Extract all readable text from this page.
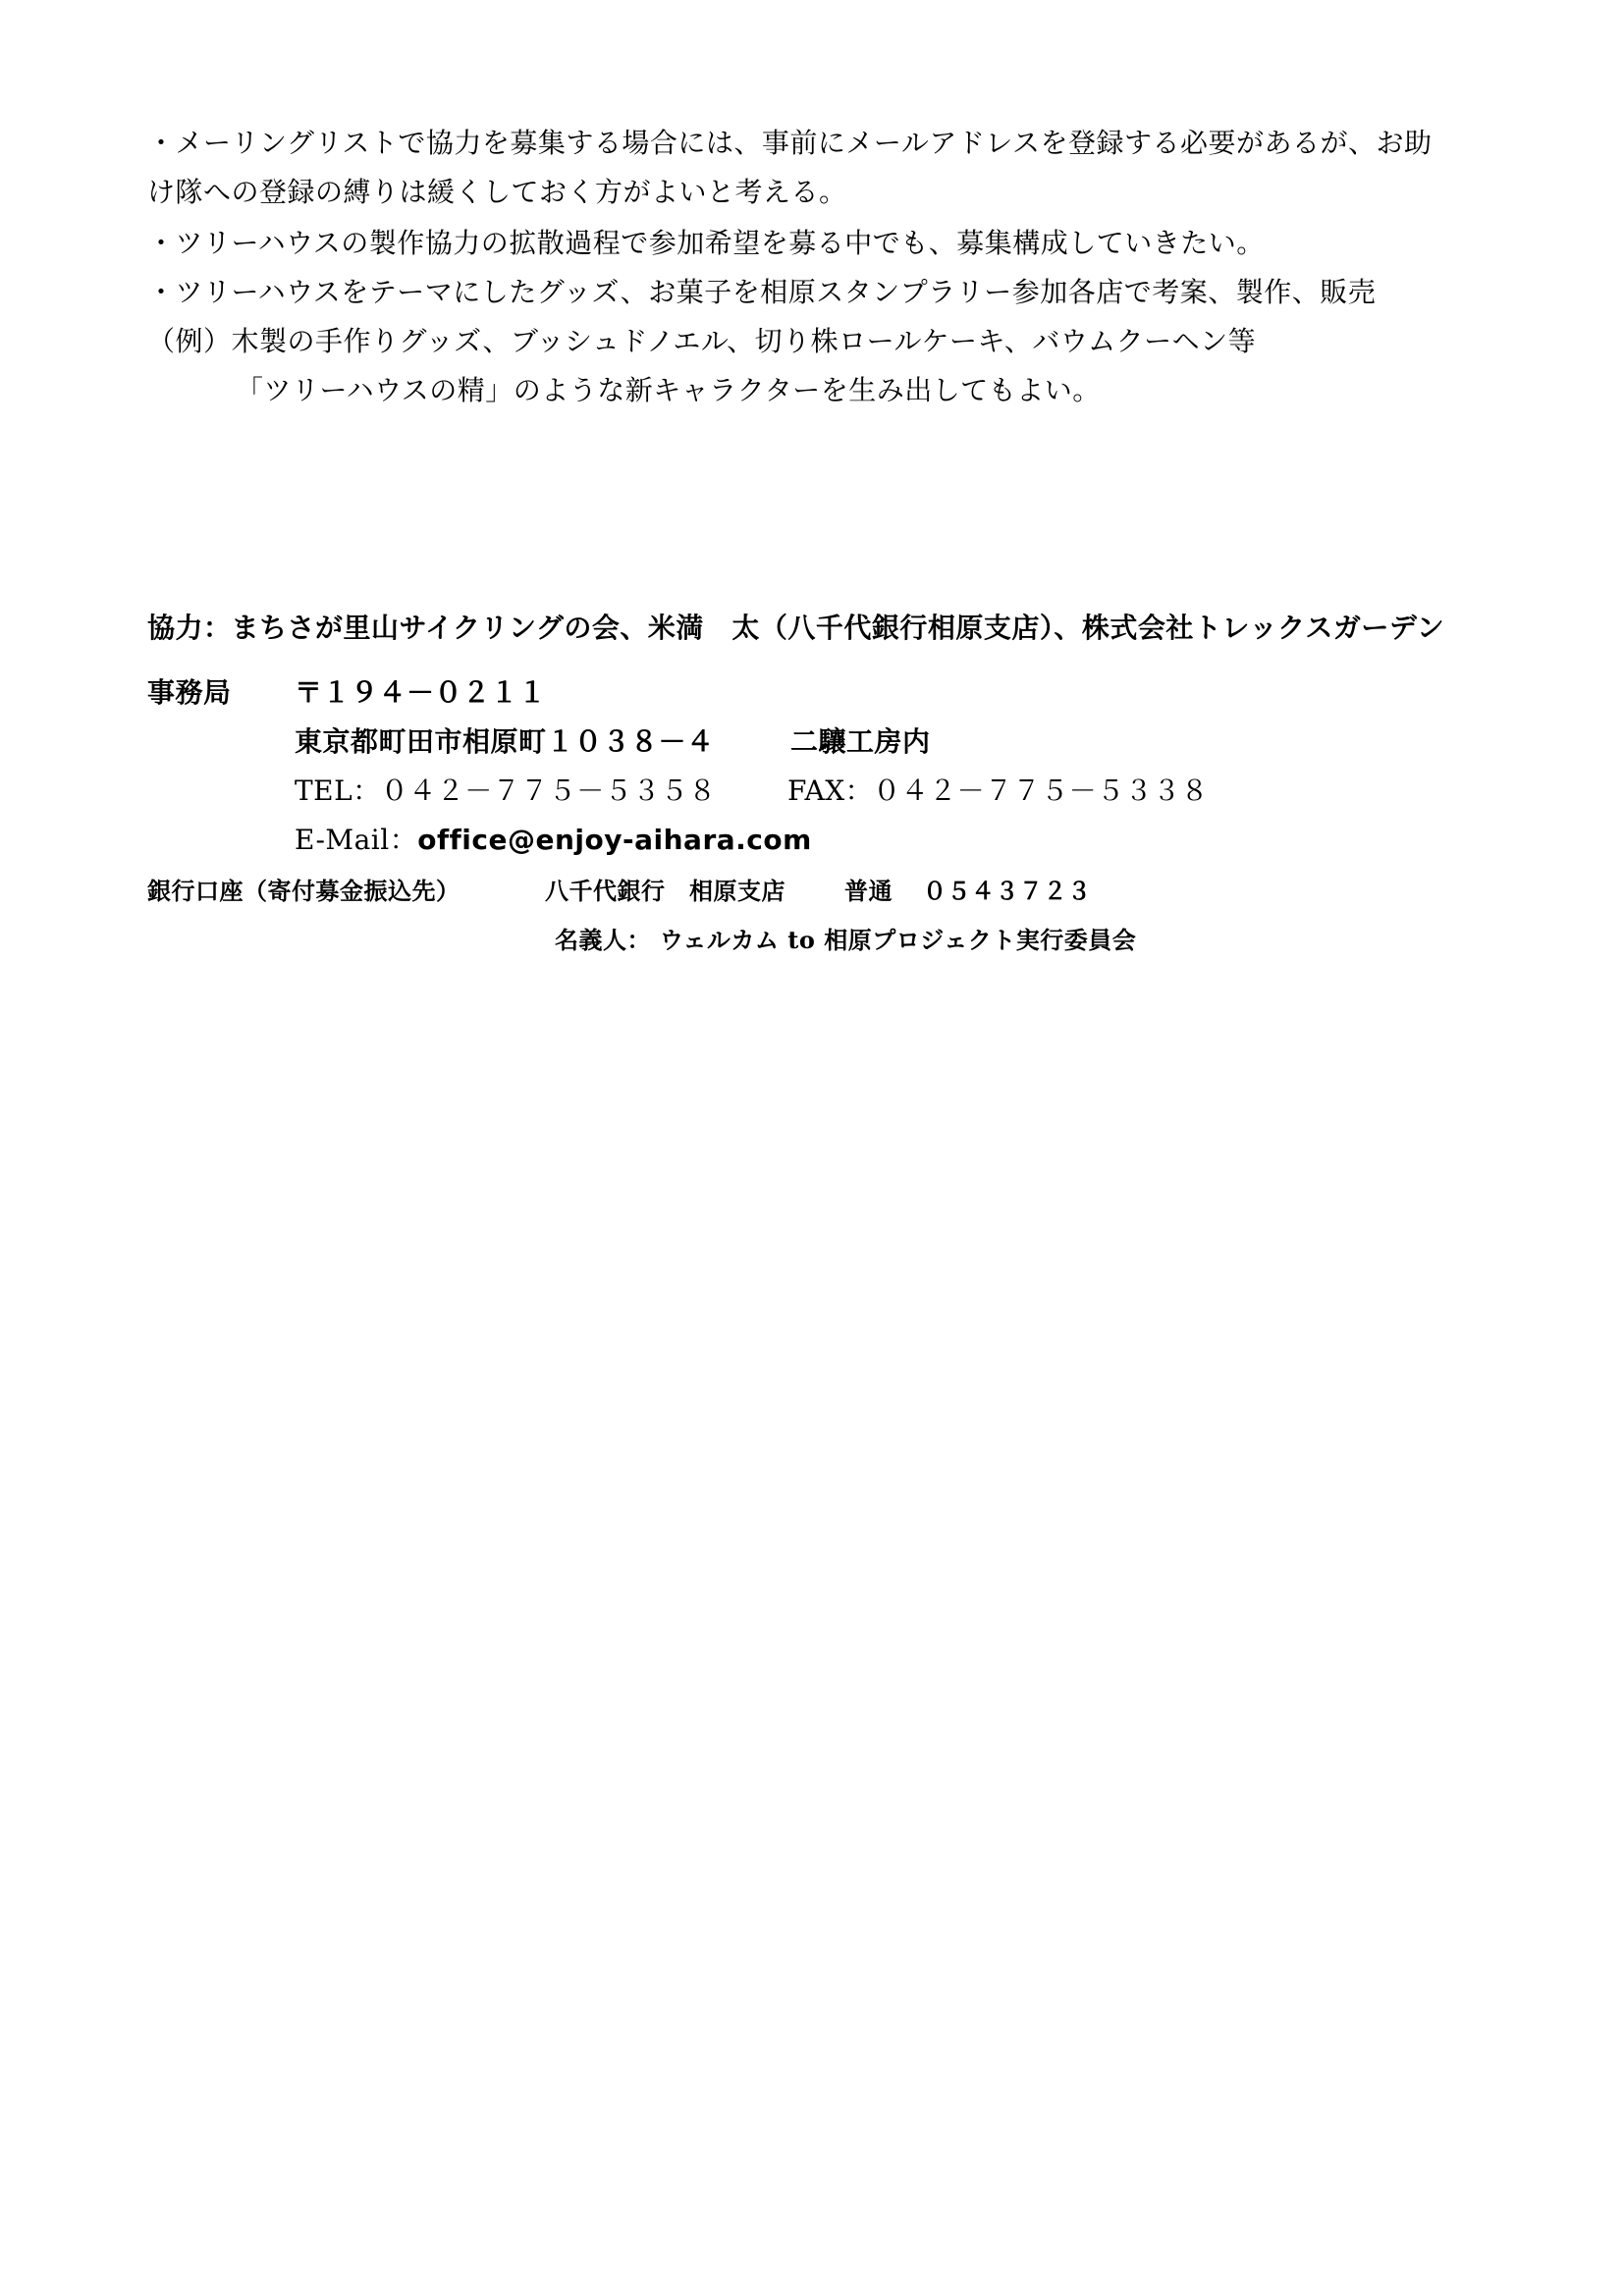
・メーリングリストで協力を募集する場合には、事前にメールアドレスを登録する必要があるが、お助
け隊への登録の縛りは緩くしておく方がよいと考える。
・ツリーハウスの製作協力の拡散過程で参加希望を募る中でも、募集構成していきたい。
・ツリーハウスをテーマにしたグッズ、お菓子を相原スタンプラリー参加各店で考案、製作、販売
（例）木製の手作りグッズ、ブッシュドノエル、切り株ロールケーキ、バウムクーヘン等
「ツリーハウスの精」のような新キャラクターを生み出してもよい。
協力：まちさが里山サイクリングの会、米満　太（八千代銀行相原支店）、株式会社トレックスガーデン
事務局 〒１９４－０２１１
東京都町田市相原町１０３８－４	二驤工房内
TEL：０４２－７７５－５３５８	FAX：０４２－７７５－５３３８
E-Mail：office@enjoy-aihara.com
銀行口座（寄付募金振込先）	八千代銀行　相原支店	普通 ０５４３７２３
名義人： ウェルカム to 相原プロジェクト実行委員会
